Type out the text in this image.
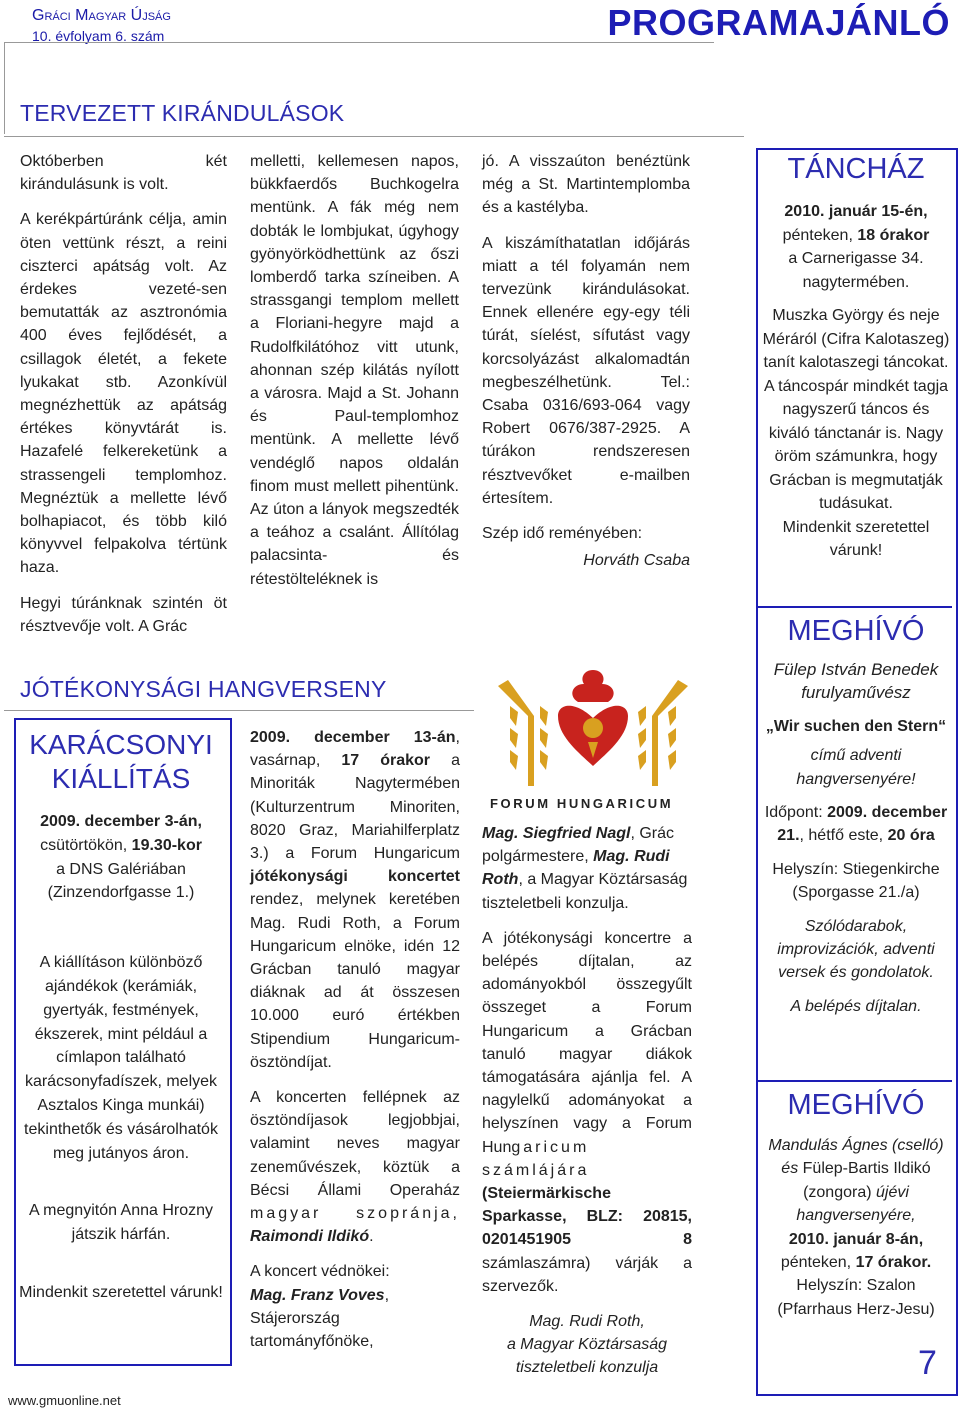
Gráci Magyar Újság
10. évfolyam 6. szám	PROGRAMAJÁNLÓ
TERVEZETT KIRÁNDULÁSOK

Októberben két kirándulásunk is volt.

A kerékpártúránk célja, amin öten vettünk részt, a reini ciszterci apátság volt. Az érdekes vezeté-sen bemutatták az asztronómia 400 éves fejlődését, a csillagok életét, a fekete lyukakat stb. Azonkívül megnézhettük az apátság értékes könyvtárát is. Hazafelé felkereketünk a strassengeli templomhoz. Megnéztük a mellette lévő bolhapiacot, és több kiló könyvvel felpakolva tértünk haza.

Hegyi túránknak szintén öt résztvevője volt. A Grác

melletti, kellemesen napos, bükkfaerdős Buchkogelra mentünk. A fák még nem dobták le lombjukat, úgyhogy gyönyörködhettünk az őszi lomberdő tarka színeiben. A strassgangi templom mellett a Floriani-hegyre majd a Rudolfkilátóhoz vitt utunk, ahonnan szép kilátás nyílott a városra. Majd a St. Johann és Paul-templomhoz mentünk. A mellette lévő vendéglő napos oldalán finom must mellett pihentünk. Az úton a lányok megszedték a teához a csalánt. Állítólag palacsinta- és rétestölteléknek is

jó. A visszaúton benéztünk még a St. Martintemplomba és a kastélyba.

A kiszámíthatatlan időjárás miatt a tél folyamán nem tervezünk kirándulásokat. Ennek ellenére egy-egy téli túrát, síelést, sífutást vagy korcsolyázást alkalomadtán megbeszélhetünk. Tel.: Csaba 0316/693-064 vagy Robert 0676/387-2925. A túrákon rendszeresen résztvevőket e-mailben értesítem.

Szép idő reményében:

Horváth Csaba

TÁNCHÁZ
2010. január 15-én,
pénteken, 18 órakor
a Carnerigasse 34.
nagytermében.
Muszka György és neje Méráról (Cifra Kalotaszeg) tanít kalotaszegi táncokat.
A táncospár mindkét tagja nagyszerű táncos és kiváló tánctanár is. Nagy öröm számunkra, hogy Grácban is megmutatják tudásukat.
Mindenkit szeretettel várunk!
MEGHÍVÓ
Fülep István Benedek furulyaművész
„Wir suchen den Stern“
című adventi hangversenyére!
Időpont: 2009. december 21., hétfő este, 20 óra
Helyszín: Stiegenkirche (Sporgasse 21./a)
Szólódarabok, improvizációk, adventi versek és gondolatok.
A belépés díjtalan.
MEGHÍVÓ
Mandulás Ágnes (cselló) és Fülep-Bartis Ildikó (zongora) újévi hangversenyére,
2010. január 8-án,
pénteken, 17 órakor.
Helyszín: Szalon (Pfarrhaus Herz-Jesu)
JÓTÉKONYSÁGI HANGVERSENY
KARÁCSONYI KIÁLLÍTÁS
2009. december 3-án,
csütörtökön, 19.30-kor
a DNS Galériában
(Zinzendorfgasse 1.)
A kiállításon különböző ajándékok (kerámiák, gyertyák, festmények, ékszerek, mint például a címlapon található karácsonyfadíszek, melyek Asztalos Kinga munkái) tekinthetők és vásárolhatók meg jutányos áron.
A megnyitón Anna Hrozny játszik hárfán.
Mindenkit szeretettel várunk!

2009. december 13-án, vasárnap, 17 órakor a Minoriták Nagytermében (Kulturzentrum Minoriten, 8020 Graz, Mariahilferplatz 3.) a Forum Hungaricum jótékonysági koncertet rendez, melynek keretében Mag. Rudi Roth, a Forum Hungaricum elnöke, idén 12 Grácban tanuló magyar diáknak ad át összesen 10.000 euró értékben Stipendium Hungaricum-ösztöndíjat.

A koncerten fellépnek az ösztöndíjasok legjobbjai, valamint neves magyar zeneművészek, köztük a Bécsi Állami Operaház magyar szopránja, Raimondi Ildikó.

A koncert védnökei:

Mag. Franz Voves, Stájerország tartományfőnöke,

FORUM HUNGARICUM

Mag. Siegfried Nagl, Grác polgármestere, Mag. Rudi Roth, a Magyar Köztársaság tiszteletbeli konzulja.

A jótékonysági koncertre a belépés díjtalan, az adományokból összegyűlt összeget a Forum Hungaricum a Grácban tanuló magyar diákok támogatására ajánlja fel. A nagylelkű adományokat a helyszínen vagy a Forum Hungaricum számlájára (Steiermärkische Sparkasse, BLZ: 20815, 0201451905 8 számlaszámra) várják a szervezők.

Mag. Rudi Roth,
a Magyar Köztársaság
tiszteletbeli konzulja
www.gmuonline.net
7
